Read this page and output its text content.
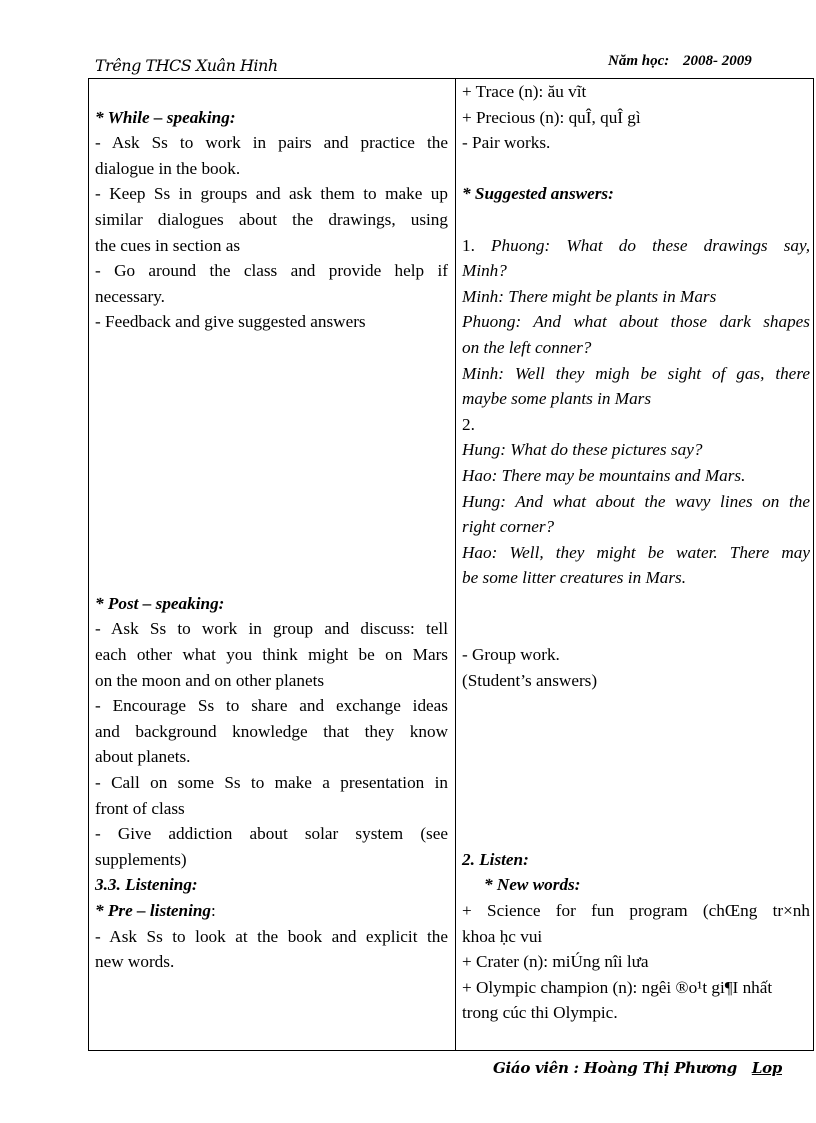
Trêng THCS Xuân Hinh	Năm học: 2008- 2009
* While – speaking:
- Ask Ss to work in pairs and practice the
dialogue in the book.
- Keep Ss in groups and ask them to make up
similar dialogues about the drawings, using
the cues in section as
- Go around the class and provide help if
necessary.
- Feedback and give suggested answers
* Post – speaking:
- Ask Ss to work in group and discuss: tell
each other what you think might be on Mars
on the moon and on other planets
- Encourage Ss to share and exchange ideas
and background knowledge that they know
about planets.
- Call on some Ss to make a presentation in
front of class
- Give addiction about solar system (see
supplements)
3.3. Listening:
* Pre – listening:
- Ask Ss to look at the book and explicit the
new words.
+ Trace (n): ău vĩt
+ Precious (n): quÎ, quÎ gì
- Pair works.
* Suggested answers:
1. Phuong: What do these drawings say,
Minh?
Minh: There might be plants in Mars
Phuong: And what about those dark shapes
on the left conner?
Minh: Well they migh be sight of gas, there
maybe some plants in Mars
2.
Hung: What do these pictures say?
Hao: There may be mountains and Mars.
Hung: And what about the wavy lines on the
right corner?
Hao: Well, they might be water. There may
be some litter creatures in Mars.
- Group work.
(Student’s answers)
2. Listen:
* New words:
+ Science for fun program (chŒng tr×nh
khoa ḥc vui
+ Crater (n): miÚng nîi lưa
+ Olympic champion (n): ngêi ®o¹t gi¶I nhất
trong cúc thi Olympic.
Giáo viên : Hoàng Thị Phương Lop
